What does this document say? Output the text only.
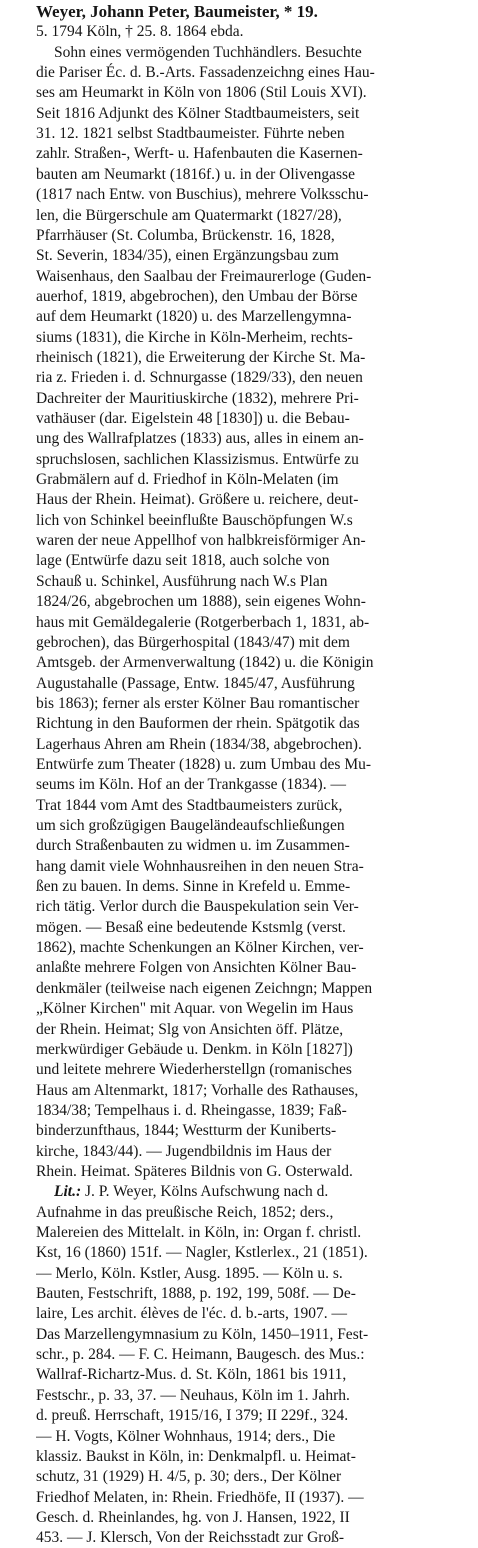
Weyer, Johann Peter, Baumeister, * 19.
5. 1794 Köln, † 25. 8. 1864 ebda.
Sohn eines vermögenden Tuchhändlers. Besuchte
die Pariser Éc. d. B.-Arts. Fassadenzeichng eines Hau-
ses am Heumarkt in Köln von 1806 (Stil Louis XVI).
Seit 1816 Adjunkt des Kölner Stadtbaumeisters, seit
31. 12. 1821 selbst Stadtbaumeister. Führte neben
zahlr. Straßen-, Werft- u. Hafenbauten die Kasernen-
bauten am Neumarkt (1816f.) u. in der Olivengasse
(1817 nach Entw. von Buschius), mehrere Volksschu-
len, die Bürgerschule am Quatermarkt (1827/28),
Pfarrhäuser (St. Columba, Brückenstr. 16, 1828,
St. Severin, 1834/35), einen Ergänzungsbau zum
Waisenhaus, den Saalbau der Freimaurerloge (Guden-
auerhof, 1819, abgebrochen), den Umbau der Börse
auf dem Heumarkt (1820) u. des Marzellengymna-
siums (1831), die Kirche in Köln-Merheim, rechts-
rheinisch (1821), die Erweiterung der Kirche St. Ma-
ria z. Frieden i. d. Schnurgasse (1829/33), den neuen
Dachreiter der Mauritiuskirche (1832), mehrere Pri-
vathäuser (dar. Eigelstein 48 [1830]) u. die Bebau-
ung des Wallrafplatzes (1833) aus, alles in einem an-
spruchslosen, sachlichen Klassizismus. Entwürfe zu
Grabmälern auf d. Friedhof in Köln-Melaten (im
Haus der Rhein. Heimat). Größere u. reichere, deut-
lich von Schinkel beeinflußte Bauschöpfungen W.s
waren der neue Appellhof von halbkreisförmiger An-
lage (Entwürfe dazu seit 1818, auch solche von
Schauß u. Schinkel, Ausführung nach W.s Plan
1824/26, abgebrochen um 1888), sein eigenes Wohn-
haus mit Gemäldegalerie (Rotgerberbach 1, 1831, ab-
gebrochen), das Bürgerhospital (1843/47) mit dem
Amtsgeb. der Armenverwaltung (1842) u. die Königin
Augustahalle (Passage, Entw. 1845/47, Ausführung
bis 1863); ferner als erster Kölner Bau romantischer
Richtung in den Bauformen der rhein. Spätgotik das
Lagerhaus Ahren am Rhein (1834/38, abgebrochen).
Entwürfe zum Theater (1828) u. zum Umbau des Mu-
seums im Köln. Hof an der Trankgasse (1834). —
Trat 1844 vom Amt des Stadtbaumeisters zurück,
um sich großzügigen Baugeländeaufschließungen
durch Straßenbauten zu widmen u. im Zusammen-
hang damit viele Wohnhausreihen in den neuen Stra-
ßen zu bauen. In dems. Sinne in Krefeld u. Emme-
rich tätig. Verlor durch die Bauspekulation sein Ver-
mögen. — Besaß eine bedeutende Kstsmlg (verst.
1862), machte Schenkungen an Kölner Kirchen, ver-
anlaßte mehrere Folgen von Ansichten Kölner Bau-
denkmäler (teilweise nach eigenen Zeichngn; Mappen
„Kölner Kirchen" mit Aquar. von Wegelin im Haus
der Rhein. Heimat; Slg von Ansichten öff. Plätze,
merkwürdiger Gebäude u. Denkm. in Köln [1827])
und leitete mehrere Wiederherstellgn (romanisches
Haus am Altenmarkt, 1817; Vorhalle des Rathauses,
1834/38; Tempelhaus i. d. Rheingasse, 1839; Faß-
binderzunfthaus, 1844; Westturm der Kuniberts-
kirche, 1843/44). — Jugendbildnis im Haus der
Rhein. Heimat. Späteres Bildnis von G. Osterwald.
Lit.: J. P. Weyer, Kölns Aufschwung nach d.
Aufnahme in das preußische Reich, 1852; ders.,
Malereien des Mittelalt. in Köln, in: Organ f. christl.
Kst, 16 (1860) 151f. — Nagler, Kstlerlex., 21 (1851).
— Merlo, Köln. Kstler, Ausg. 1895. — Köln u. s.
Bauten, Festschrift, 1888, p. 192, 199, 508f. — De-
laire, Les archit. élèves de l'éc. d. b.-arts, 1907. —
Das Marzellengymnasium zu Köln, 1450–1911, Fest-
schr., p. 284. — F. C. Heimann, Baugesch. des Mus.:
Wallraf-Richartz-Mus. d. St. Köln, 1861 bis 1911,
Festschr., p. 33, 37. — Neuhaus, Köln im 1. Jahrh.
d. preuß. Herrschaft, 1915/16, I 379; II 229f., 324.
— H. Vogts, Kölner Wohnhaus, 1914; ders., Die
klassiz. Baukst in Köln, in: Denkmalpfl. u. Heimat-
schutz, 31 (1929) H. 4/5, p. 30; ders., Der Kölner
Friedhof Melaten, in: Rhein. Friedhöfe, II (1937). —
Gesch. d. Rheinlandes, hg. von J. Hansen, 1922, II
453. — J. Klersch, Von der Reichsstadt zur Groß-
